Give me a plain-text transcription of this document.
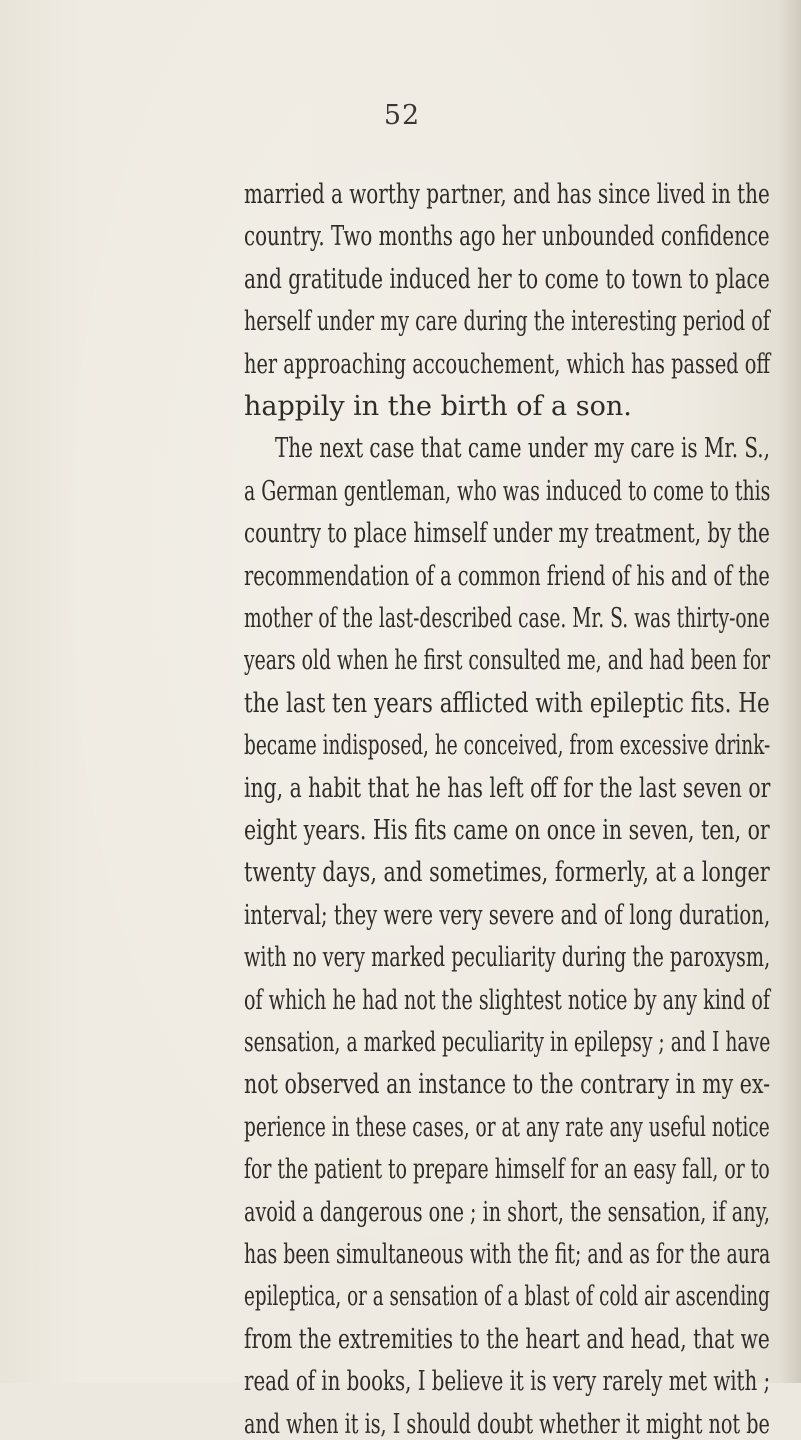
52
married a worthy partner, and has since lived in the
country. Two months ago her unbounded confidence
and gratitude induced her to come to town to place
herself under my care during the interesting period of
her approaching accouchement, which has passed off
happily in the birth of a son.
The next case that came under my care is Mr. S.,
a German gentleman, who was induced to come to this
country to place himself under my treatment, by the
recommendation of a common friend of his and of the
mother of the last-described case. Mr. S. was thirty-one
years old when he first consulted me, and had been for
the last ten years afflicted with epileptic fits. He
became indisposed, he conceived, from excessive drink-
ing, a habit that he has left off for the last seven or
eight years. His fits came on once in seven, ten, or
twenty days, and sometimes, formerly, at a longer
interval; they were very severe and of long duration,
with no very marked peculiarity during the paroxysm,
of which he had not the slightest notice by any kind of
sensation, a marked peculiarity in epilepsy ; and I have
not observed an instance to the contrary in my ex-
perience in these cases, or at any rate any useful notice
for the patient to prepare himself for an easy fall, or to
avoid a dangerous one ; in short, the sensation, if any,
has been simultaneous with the fit; and as for the aura
epileptica, or a sensation of a blast of cold air ascending
from the extremities to the heart and head, that we
read of in books, I believe it is very rarely met with ;
and when it is, I should doubt whether it might not be
